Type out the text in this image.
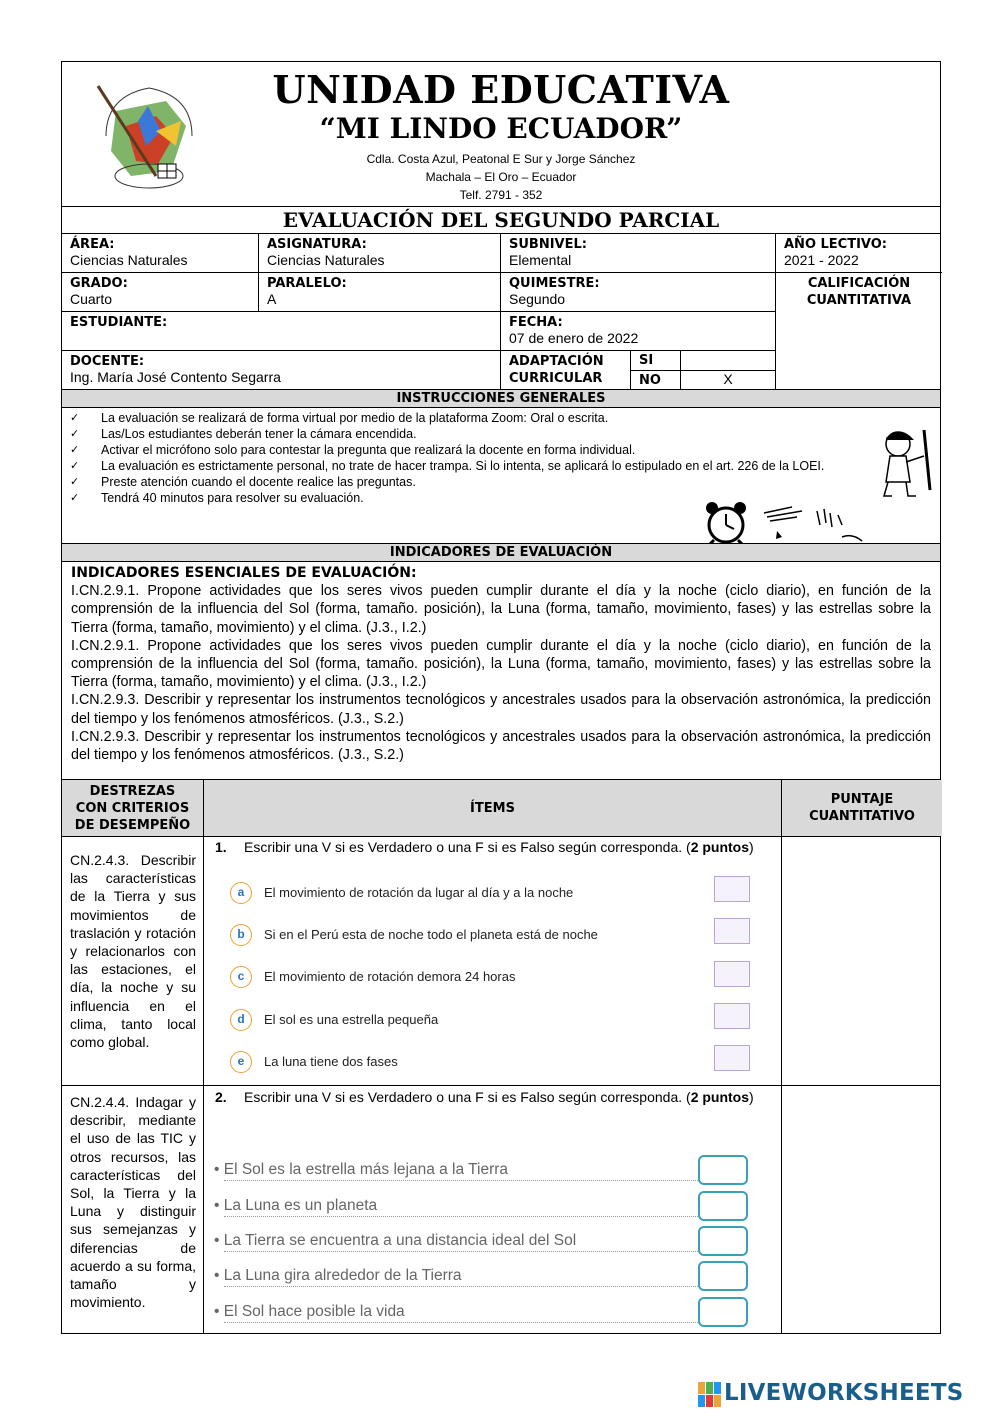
UNIDAD EDUCATIVA
“MI LINDO ECUADOR”
Cdla. Costa Azul, Peatonal E Sur y Jorge Sánchez
Machala – El Oro – Ecuador
Telf. 2791 - 352
EVALUACIÓN DEL SEGUNDO PARCIAL
ÁREA:
Ciencias Naturales
ASIGNATURA:
Ciencias Naturales
SUBNIVEL:
Elemental
AÑO LECTIVO:
2021 - 2022
GRADO:
Cuarto
PARALELO:
A
QUIMESTRE:
Segundo
CALIFICACIÓN
CUANTITATIVA
ESTUDIANTE:	FECHA:
07 de enero de 2022
DOCENTE:
Ing. María José Contento Segarra
ADAPTACIÓN
CURRICULAR
SI
NO	X
INSTRUCCIONES GENERALES
✓ La evaluación se realizará de forma virtual por medio de la plataforma Zoom: Oral o escrita.
✓ Las/Los estudiantes deberán tener la cámara encendida.
✓ Activar el micrófono solo para contestar la pregunta que realizará la docente en forma individual.
✓ La evaluación es estrictamente personal, no trate de hacer trampa. Si lo intenta, se aplicará lo estipulado en el art. 226 de la LOEI.
✓ Preste atención cuando el docente realice las preguntas.
✓ Tendrá 40 minutos para resolver su evaluación.
INDICADORES DE EVALUACIÓN

INDICADORES ESENCIALES DE EVALUACIÓN:

I.CN.2.9.1. Propone actividades que los seres vivos pueden cumplir durante el día y la noche (ciclo diario), en función de la comprensión de la influencia del Sol (forma, tamaño. posición), la Luna (forma, tamaño, movimiento, fases) y las estrellas sobre la Tierra (forma, tamaño, movimiento) y el clima. (J.3., I.2.)

I.CN.2.9.1. Propone actividades que los seres vivos pueden cumplir durante el día y la noche (ciclo diario), en función de la comprensión de la influencia del Sol (forma, tamaño. posición), la Luna (forma, tamaño, movimiento, fases) y las estrellas sobre la Tierra (forma, tamaño, movimiento) y el clima. (J.3., I.2.)

I.CN.2.9.3. Describir y representar los instrumentos tecnológicos y ancestrales usados para la observación astronómica, la predicción del tiempo y los fenómenos atmosféricos. (J.3., S.2.)

I.CN.2.9.3. Describir y representar los instrumentos tecnológicos y ancestrales usados para la observación astronómica, la predicción del tiempo y los fenómenos atmosféricos. (J.3., S.2.)

DESTREZAS
CON CRITERIOS
DE DESEMPEÑO
ÍTEMS
PUNTAJE
CUANTITATIVO
CN.2.4.3. Describir las características de la Tierra y sus movimientos de traslación y rotación y relacionarlos con las estaciones, el día, la noche y su influencia en el clima, tanto local como global.
1.	Escribir una V si es Verdadero o una F si es Falso según corresponda. (2 puntos)
a	El movimiento de rotación da lugar al día y a la noche
b	Si en el Perú esta de noche todo el planeta está de noche
c	El movimiento de rotación demora 24 horas
d	El sol es una estrella pequeña
e	La luna tiene dos fases
CN.2.4.4. Indagar y describir, mediante el uso de las TIC y otros recursos, las características del Sol, la Tierra y la Luna y distinguir sus semejanzas y diferencias de acuerdo a su forma, tamaño y movimiento.
2.	Escribir una V si es Verdadero o una F si es Falso según corresponda. (2 puntos)
• El Sol es la estrella más lejana a la Tierra
• La Luna es un planeta
• La Tierra se encuentra a una distancia ideal del Sol
• La Luna gira alrededor de la Tierra
• El Sol hace posible la vida
LIVEWORKSHEETS
